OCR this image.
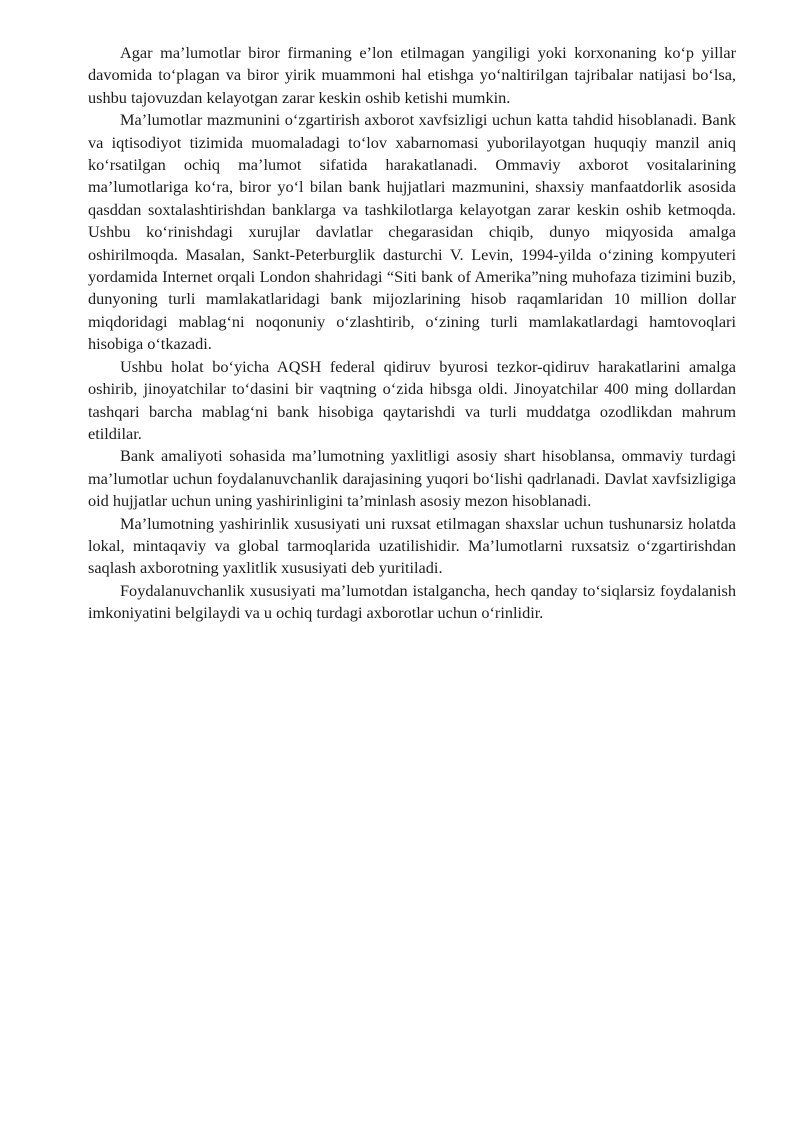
Agar ma’lumotlar biror firmaning e’lon etilmagan yangiligi yoki korxonaning ko‘p yillar davomida to‘plagan va biror yirik muammoni hal etishga yo‘naltirilgan tajribalar natijasi bo‘lsa, ushbu tajovuzdan kelayotgan zarar keskin oshib ketishi mumkin.

Ma’lumotlar mazmunini o‘zgartirish axborot xavfsizligi uchun katta tahdid hisoblanadi. Bank va iqtisodiyot tizimida muomaladagi to‘lov xabarnomasi yuborilayotgan huquqiy manzil aniq ko‘rsatilgan ochiq ma’lumot sifatida harakatlanadi. Ommaviy axborot vositalarining ma’lumotlariga ko‘ra, biror yo‘l bilan bank hujjatlari mazmunini, shaxsiy manfaatdorlik asosida qasddan soxtalashtirishdan banklarga va tashkilotlarga kelayotgan zarar keskin oshib ketmoqda. Ushbu ko‘rinishdagi xurujlar davlatlar chegarasidan chiqib, dunyo miqyosida amalga oshirilmoqda. Masalan, Sankt-Peterburglik dasturchi V. Levin, 1994-yilda o‘zining kompyuteri yordamida Internet orqali London shahridagi “Siti bank of Amerika”ning muhofaza tizimini buzib, dunyoning turli mamlakatlaridagi bank mijozlarining hisob raqamlaridan 10 million dollar miqdoridagi mablag‘ni noqonuniy o‘zlashtirib, o‘zining turli mamlakatlardagi hamtovoqlari hisobiga o‘tkazadi.

Ushbu holat bo‘yicha AQSH federal qidiruv byurosi tezkor-qidiruv harakatlarini amalga oshirib, jinoyatchilar to‘dasini bir vaqtning o‘zida hibsga oldi. Jinoyatchilar 400 ming dollardan tashqari barcha mablag‘ni bank hisobiga qaytarishdi va turli muddatga ozodlikdan mahrum etildilar.

Bank amaliyoti sohasida ma’lumotning yaxlitligi asosiy shart hisoblansa, ommaviy turdagi ma’lumotlar uchun foydalanuvchanlik darajasining yuqori bo‘lishi qadrlanadi. Davlat xavfsizligiga oid hujjatlar uchun uning yashirinligini ta’minlash asosiy mezon hisoblanadi.

Ma’lumotning yashirinlik xususiyati uni ruxsat etilmagan shaxslar uchun tushunarsiz holatda lokal, mintaqaviy va global tarmoqlarida uzatilishidir. Ma’lumotlarni ruxsatsiz o‘zgartirishdan saqlash axborotning yaxlitlik xususiyati deb yuritiladi.

Foydalanuvchanlik xususiyati ma’lumotdan istalgancha, hech qanday to‘siqlarsiz foydalanish imkoniyatini belgilaydi va u ochiq turdagi axborotlar uchun o‘rinlidir.
